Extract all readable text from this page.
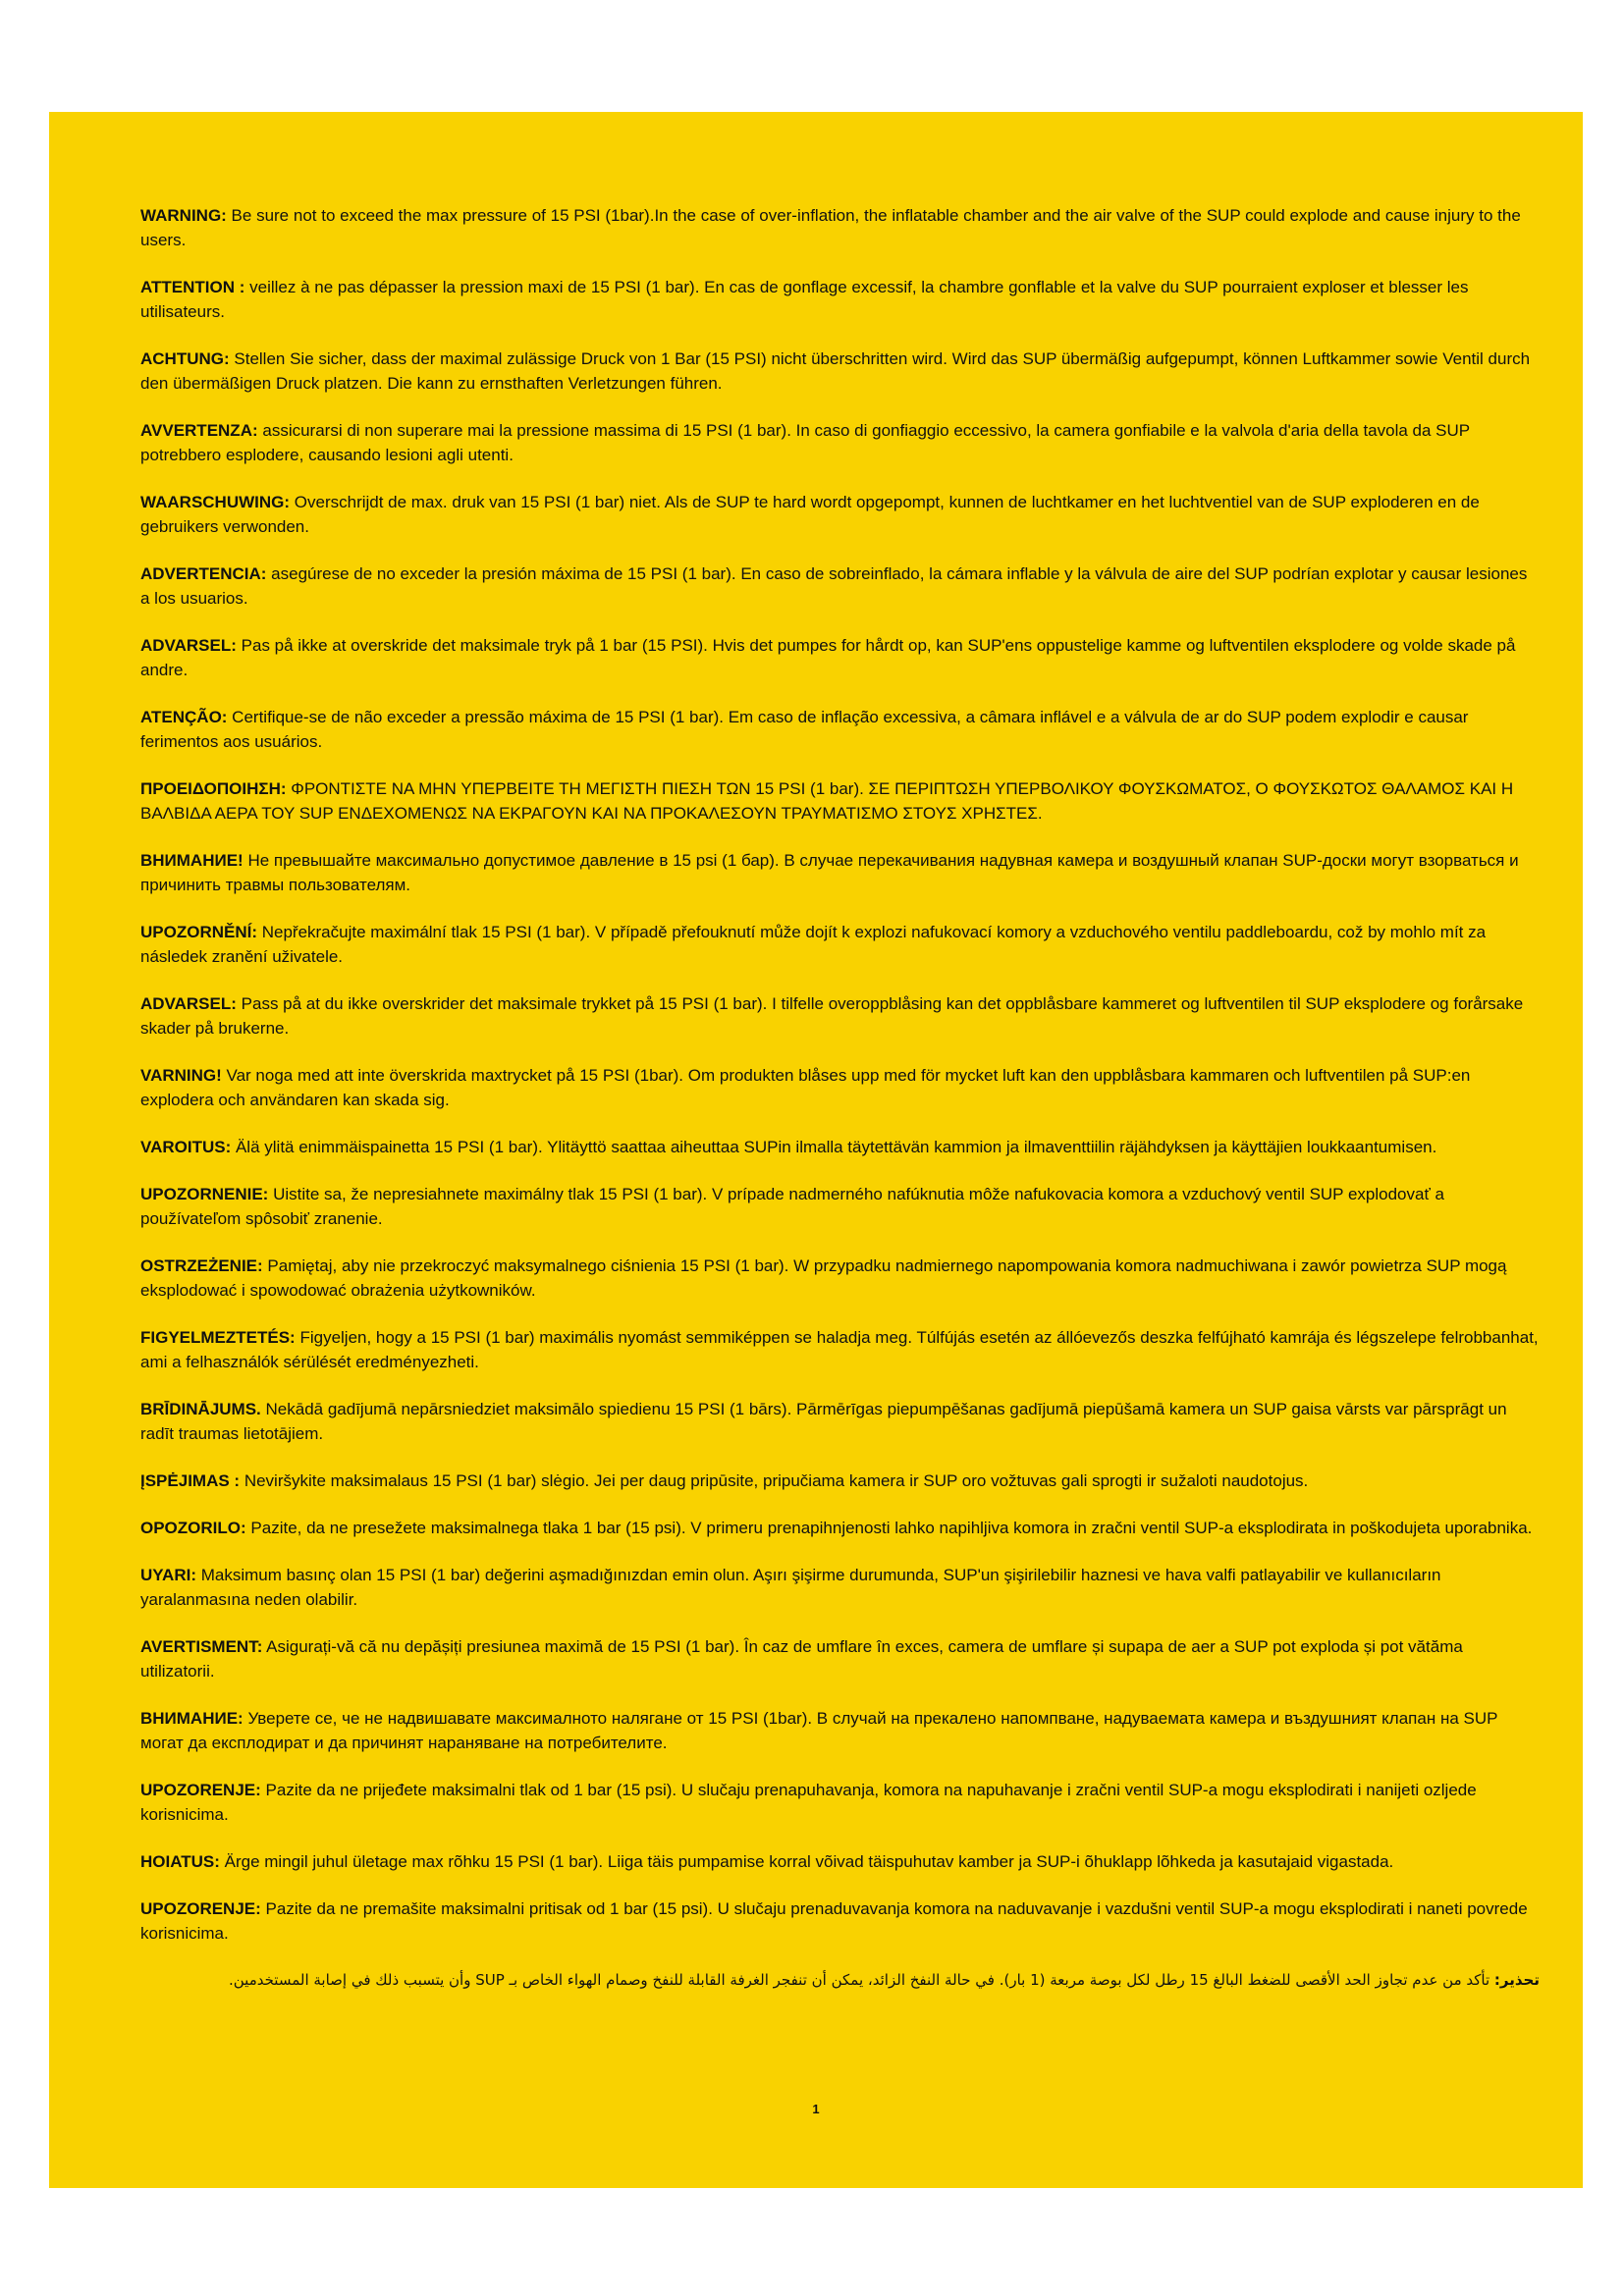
WARNING: Be sure not to exceed the max pressure of 15 PSI (1bar).In the case of over-inflation, the inflatable chamber and the air valve of the SUP could explode and cause injury to the users.

ATTENTION : veillez à ne pas dépasser la pression maxi de 15 PSI (1 bar). En cas de gonflage excessif, la chambre gonflable et la valve du SUP pourraient exploser et blesser les utilisateurs.

ACHTUNG: Stellen Sie sicher, dass der maximal zulässige Druck von 1 Bar (15 PSI) nicht überschritten wird. Wird das SUP übermäßig aufgepumpt, können Luftkammer sowie Ventil durch den übermäßigen Druck platzen. Die kann zu ernsthaften Verletzungen führen.

AVVERTENZA: assicurarsi di non superare mai la pressione massima di 15 PSI (1 bar). In caso di gonfiaggio eccessivo, la camera gonfiabile e la valvola d'aria della tavola da SUP potrebbero esplodere, causando lesioni agli utenti.

WAARSCHUWING: Overschrijdt de max. druk van 15 PSI (1 bar) niet. Als de SUP te hard wordt opgepompt, kunnen de luchtkamer en het luchtventiel van de SUP exploderen en de gebruikers verwonden.

ADVERTENCIA: asegúrese de no exceder la presión máxima de 15 PSI (1 bar). En caso de sobreinflado, la cámara inflable y la válvula de aire del SUP podrían explotar y causar lesiones a los usuarios.

ADVARSEL: Pas på ikke at overskride det maksimale tryk på 1 bar (15 PSI). Hvis det pumpes for hårdt op, kan SUP'ens oppustelige kamme og luftventilen eksplodere og volde skade på andre.

ATENÇÃO: Certifique-se de não exceder a pressão máxima de 15 PSI (1 bar). Em caso de inflação excessiva, a câmara inflável e a válvula de ar do SUP podem explodir e causar ferimentos aos usuários.

ΠΡΟΕΙΔΟΠΟΙΗΣΗ: ΦΡΟΝΤΙΣΤΕ ΝΑ ΜΗΝ ΥΠΕΡΒΕΙΤΕ ΤΗ ΜΕΓΙΣΤΗ ΠΙΕΣΗ ΤΩΝ 15 PSI (1 bar). ΣΕ ΠΕΡΙΠΤΩΣΗ ΥΠΕΡΒΟΛΙΚΟΥ ΦΟΥΣΚΩΜΑΤΟΣ, Ο ΦΟΥΣΚΩΤΟΣ ΘΑΛΑΜΟΣ ΚΑΙ Η ΒΑΛΒΙΔΑ ΑΕΡΑ ΤΟΥ SUP ΕΝΔΕΧΟΜΕΝΩΣ ΝΑ ΕΚΡΑΓΟΥΝ ΚΑΙ ΝΑ ΠΡΟΚΑΛΕΣΟΥΝ ΤΡΑΥΜΑΤΙΣΜΟ ΣΤΟΥΣ ΧΡΗΣΤΕΣ.

ВНИМАНИЕ! Не превышайте максимально допустимое давление в 15 psi (1 бар). В случае перекачивания надувная камера и воздушный клапан SUP-доски могут взорваться и причинить травмы пользователям.

UPOZORNĚNÍ: Nepřekračujte maximální tlak 15 PSI (1 bar). V případě přefouknutí může dojít k explozi nafukovací komory a vzduchového ventilu paddleboardu, což by mohlo mít za následek zranění uživatele.

ADVARSEL: Pass på at du ikke overskrider det maksimale trykket på 15 PSI (1 bar). I tilfelle overoppblåsing kan det oppblåsbare kammeret og luftventilen til SUP eksplodere og forårsake skader på brukerne.

VARNING! Var noga med att inte överskrida maxtrycket på 15 PSI (1bar). Om produkten blåses upp med för mycket luft kan den uppblåsbara kammaren och luftventilen på SUP:en explodera och användaren kan skada sig.

VAROITUS: Älä ylitä enimmäispainetta 15 PSI (1 bar). Ylitäyttö saattaa aiheuttaa SUPin ilmalla täytettävän kammion ja ilmaventtiilin räjähdyksen ja käyttäjien loukkaantumisen.

UPOZORNENIE: Uistite sa, že nepresiahnete maximálny tlak 15 PSI (1 bar). V prípade nadmerného nafúknutia môže nafukovacia komora a vzduchový ventil SUP explodovať a používateľom spôsobiť zranenie.

OSTRZEŻENIE: Pamiętaj, aby nie przekroczyć maksymalnego ciśnienia 15 PSI (1 bar). W przypadku nadmiernego napompowania komora nadmuchiwana i zawór powietrza SUP mogą eksplodować i spowodować obrażenia użytkowników.

FIGYELMEZTETÉS: Figyeljen, hogy a 15 PSI (1 bar) maximális nyomást semmiképpen se haladja meg. Túlfújás esetén az állóevezős deszka felfújható kamrája és légszelepe felrobbanhat, ami a felhasználók sérülését eredményezheti.

BRĪDINĀJUMS. Nekādā gadījumā nepārsniedziet maksimālo spiedienu 15 PSI (1 bārs). Pārmērīgas piepumpēšanas gadījumā piepūšamā kamera un SUP gaisa vārsts var pārsprāgt un radīt traumas lietotājiem.

ĮSPĖJIMAS : Neviršykite maksimalaus 15 PSI (1 bar) slėgio. Jei per daug pripūsite, pripučiama kamera ir SUP oro vožtuvas gali sprogti ir sužaloti naudotojus.

OPOZORILO: Pazite, da ne presežete maksimalnega tlaka 1 bar (15 psi). V primeru prenapihnjenosti lahko napihljiva komora in zračni ventil SUP-a eksplodirata in poškodujeta uporabnika.

UYARI: Maksimum basınç olan 15 PSI (1 bar) değerini aşmadığınızdan emin olun. Aşırı şişirme durumunda, SUP'un şişirilebilir haznesi ve hava valfi patlayabilir ve kullanıcıların yaralanmasına neden olabilir.

AVERTISMENT: Asigurați-vă că nu depășiți presiunea maximă de 15 PSI (1 bar). În caz de umflare în exces, camera de umflare și supapa de aer a SUP pot exploda și pot vătăma utilizatorii.

ВНИМАНИЕ: Уверете се, че не надвишавате максималното налягане от 15 PSI (1bar). В случай на прекалено напомпване, надуваемата камера и въздушният клапан на SUP могат да експлодират и да причинят нараняване на потребителите.

UPOZORENJE: Pazite da ne prijeđete maksimalni tlak od 1 bar (15 psi). U slučaju prenapuhavanja, komora na napuhavanje i zračni ventil SUP-a mogu eksplodirati i nanijeti ozljede korisnicima.

HOIATUS: Ärge mingil juhul ületage max rõhku 15 PSI (1 bar). Liiga täis pumpamise korral võivad täispuhutav kamber ja SUP-i õhuklapp lõhkeda ja kasutajaid vigastada.

UPOZORENJE: Pazite da ne premašite maksimalni pritisak od 1 bar (15 psi). U slučaju prenaduvavanja komora na naduvavanje i vazdušni ventil SUP-a mogu eksplodirati i naneti povrede korisnicima.

تحذير: تأكد من عدم تجاوز الحد الأقصى للضغط البالغ 15 رطل لكل بوصة مربعة (1 بار). في حالة النفخ الزائد، يمكن أن تنفجر الغرفة القابلة للنفخ وصمام الهواء الخاص بـ SUP وأن يتسبب ذلك في إصابة المستخدمين.

1
